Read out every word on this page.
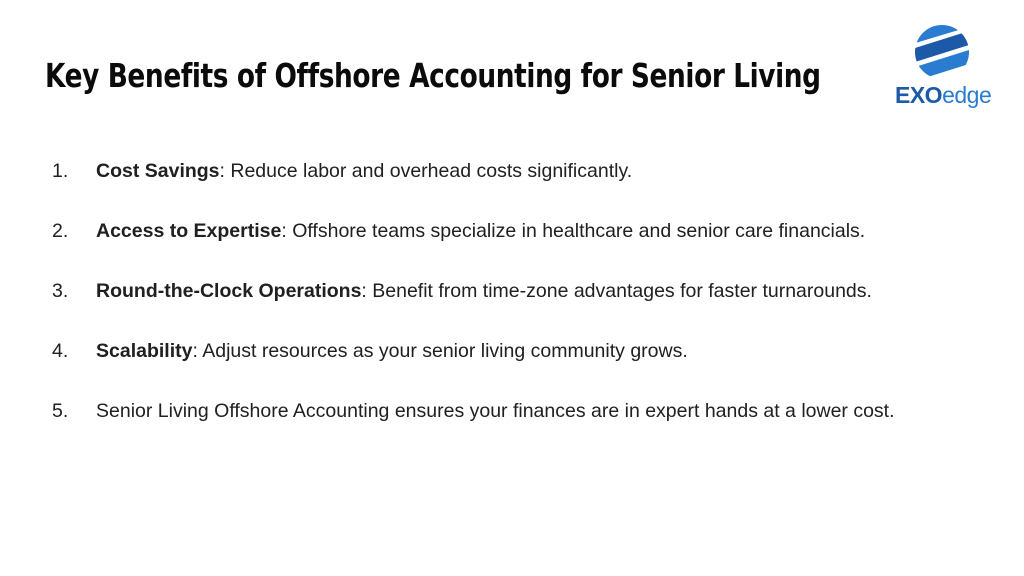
Key Benefits of Offshore Accounting for Senior Living	EXOedge
1. Cost Savings: Reduce labor and overhead costs significantly.
2. Access to Expertise: Offshore teams specialize in healthcare and senior care financials.
3. Round-the-Clock Operations: Benefit from time-zone advantages for faster turnarounds.
4. Scalability: Adjust resources as your senior living community grows.
5. Senior Living Offshore Accounting ensures your finances are in expert hands at a lower cost.
